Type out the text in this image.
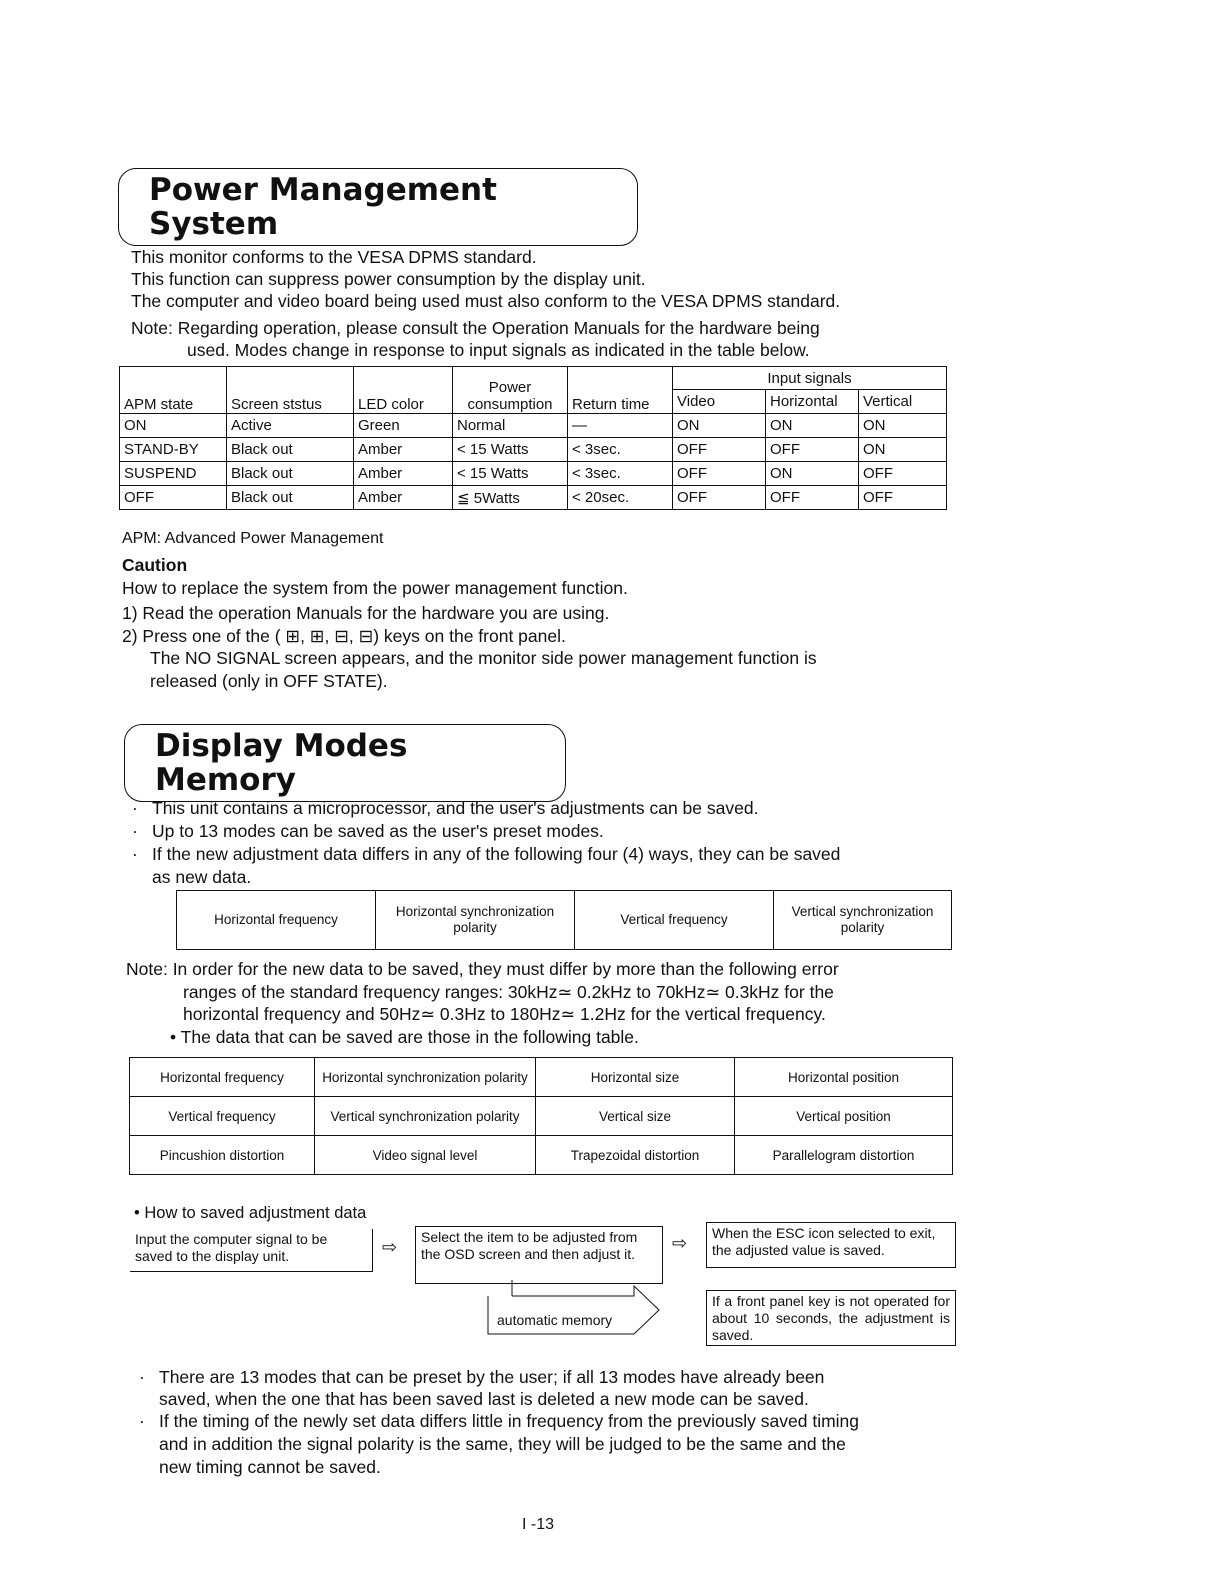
Power Management System
This monitor conforms to the VESA DPMS standard.
This function can suppress power consumption by the display unit.
The computer and video board being used must also conform to the VESA DPMS standard.
Note: Regarding operation, please consult the Operation Manuals for the hardware being
used. Modes change in response to input signals as indicated in the table below.
APM state	Screen ststus	LED color	Power consumption	Return time	Input signals		
					Video	Horizontal	Vertical
ON	Active	Green	Normal	—	ON	ON	ON
STAND-BY	Black out	Amber	< 15 Watts	< 3sec.	OFF	OFF	ON
SUSPEND	Black out	Amber	< 15 Watts	< 3sec.	OFF	ON	OFF
OFF	Black out	Amber	≦ 5Watts	< 20sec.	OFF	OFF	OFF
APM: Advanced Power Management
Caution
How to replace the system from the power management function.
1) Read the operation Manuals for the hardware you are using.
2) Press one of the ( ⊞, ⊞, ⊟, ⊟) keys on the front panel.
The NO SIGNAL screen appears, and the monitor side power management function is
released (only in OFF STATE).
Display Modes Memory
· This unit contains a microprocessor, and the user's adjustments can be saved.
· Up to 13 modes can be saved as the user's preset modes.
· If the new adjustment data differs in any of the following four (4) ways, they can be saved
as new data.
Horizontal frequency	Horizontal synchronization polarity	Vertical frequency	Vertical synchronization polarity
Note: In order for the new data to be saved, they must differ by more than the following error
ranges of the standard frequency ranges: 30kHz≃ 0.2kHz to 70kHz≃ 0.3kHz for the
horizontal frequency and 50Hz≃ 0.3Hz to 180Hz≃ 1.2Hz for the vertical frequency.
• The data that can be saved are those in the following table.
Horizontal frequency	Horizontal synchronization polarity	Horizontal size	Horizontal position
Vertical frequency	Vertical synchronization polarity	Vertical size	Vertical position
Pincushion distortion	Video signal level	Trapezoidal distortion	Parallelogram distortion
• How to saved adjustment data
Input the computer signal to be saved to the display unit.	⇨	Select the item to be adjusted from the OSD screen and then adjust it.
⇨	When the ESC icon selected to exit, the adjusted value is saved.
automatic memory
If a front panel key is not operated for about 10 seconds, the adjustment is saved.
· There are 13 modes that can be preset by the user; if all 13 modes have already been
saved, when the one that has been saved last is deleted a new mode can be saved.
· If the timing of the newly set data differs little in frequency from the previously saved timing
and in addition the signal polarity is the same, they will be judged to be the same and the
new timing cannot be saved.
I -13
